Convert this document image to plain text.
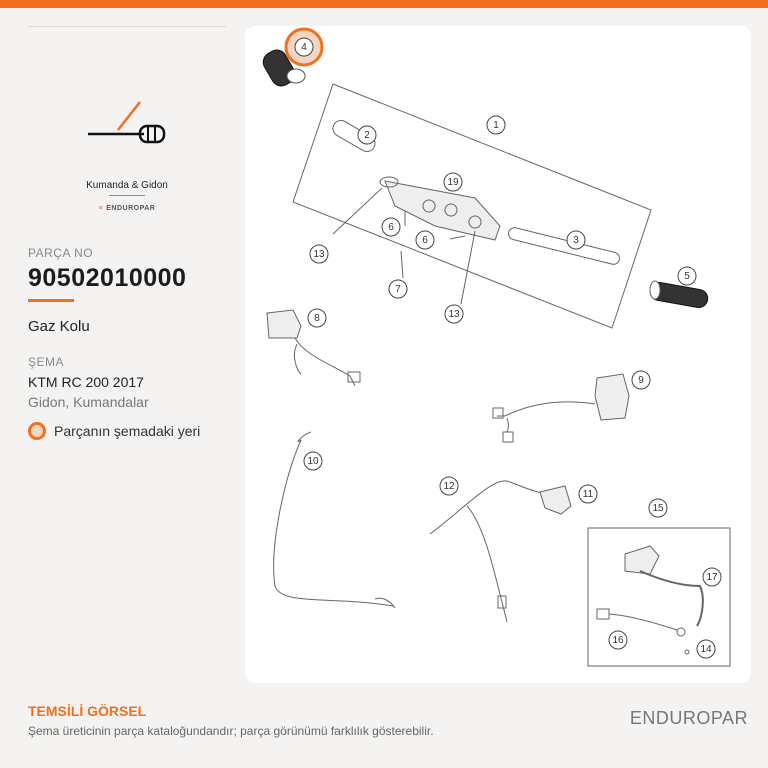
Kumanda & Gidon
≡ ENDUROPAR
PARÇA NO
90502010000
Gaz Kolu
ŞEMA
KTM RC 200 2017
Gidon, Kumandalar
Parçanın şemadaki yeri
1
2
3
4
5
6
6
7
8
9
10
11
12
13
13
14
15
16
17
19
TEMSİLİ GÖRSEL
Şema üreticinin parça kataloğundandır; parça görünümü farklılık gösterebilir.
ENDUROPAR
